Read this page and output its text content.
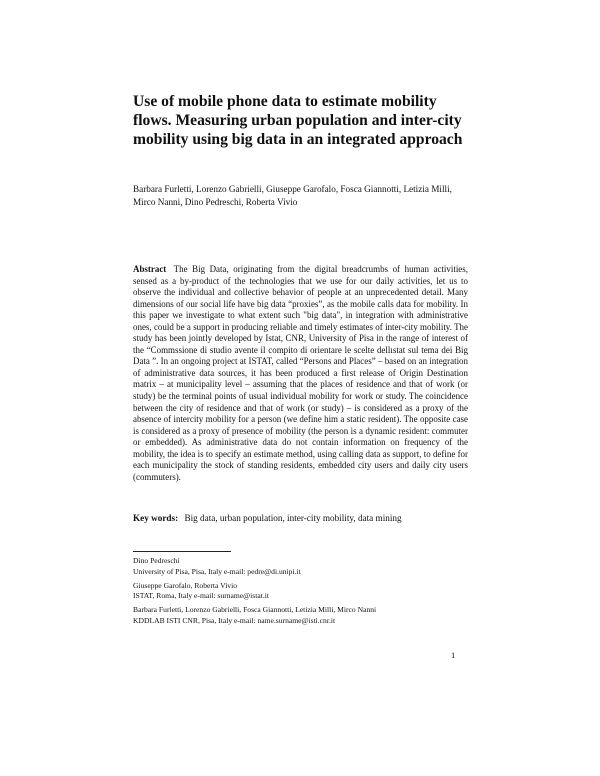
Use of mobile phone data to estimate mobility flows. Measuring urban population and inter-city mobility using big data in an integrated approach
Barbara Furletti, Lorenzo Gabrielli, Giuseppe Garofalo, Fosca Giannotti, Letizia Milli, Mirco Nanni, Dino Pedreschi, Roberta Vivio
Abstract The Big Data, originating from the digital breadcrumbs of human activities, sensed as a by-product of the technologies that we use for our daily activities, let us to observe the individual and collective behavior of people at an unprecedented detail. Many dimensions of our social life have big data “proxies”, as the mobile calls data for mobility. In this paper we investigate to what extent such "big data", in integration with administrative ones, could be a support in producing reliable and timely estimates of inter-city mobility. The study has been jointly developed by Istat, CNR, University of Pisa in the range of interest of the “Commssione di studio avente il compito di orientare le scelte dellıstat sul tema dei Big Data ”. In an ongoing project at ISTAT, called “Persons and Places” – based on an integration of administrative data sources, it has been produced a first release of Origin Destination matrix – at municipality level – assuming that the places of residence and that of work (or study) be the terminal points of usual individual mobility for work or study. The coincidence between the city of residence and that of work (or study) – is considered as a proxy of the absence of intercity mobility for a person (we define him a static resident). The opposite case is considered as a proxy of presence of mobility (the person is a dynamic resident: commuter or embedded). As administrative data do not contain information on frequency of the mobility, the idea is to specify an estimate method, using calling data as support, to define for each municipality the stock of standing residents, embedded city users and daily city users (commuters).
Key words: Big data, urban population, inter-city mobility, data mining
Dino Pedreschi
University of Pisa, Pisa, Italy e-mail: pedre@di.unipi.it
Giuseppe Garofalo, Roberta Vivio
ISTAT, Roma, Italy e-mail: surname@istat.it
Barbara Furletti, Lorenzo Gabrielli, Fosca Giannotti, Letizia Milli, Mirco Nanni
KDDLAB ISTI CNR, Pisa, Italy e-mail: name.surname@isti.cnr.it
1
